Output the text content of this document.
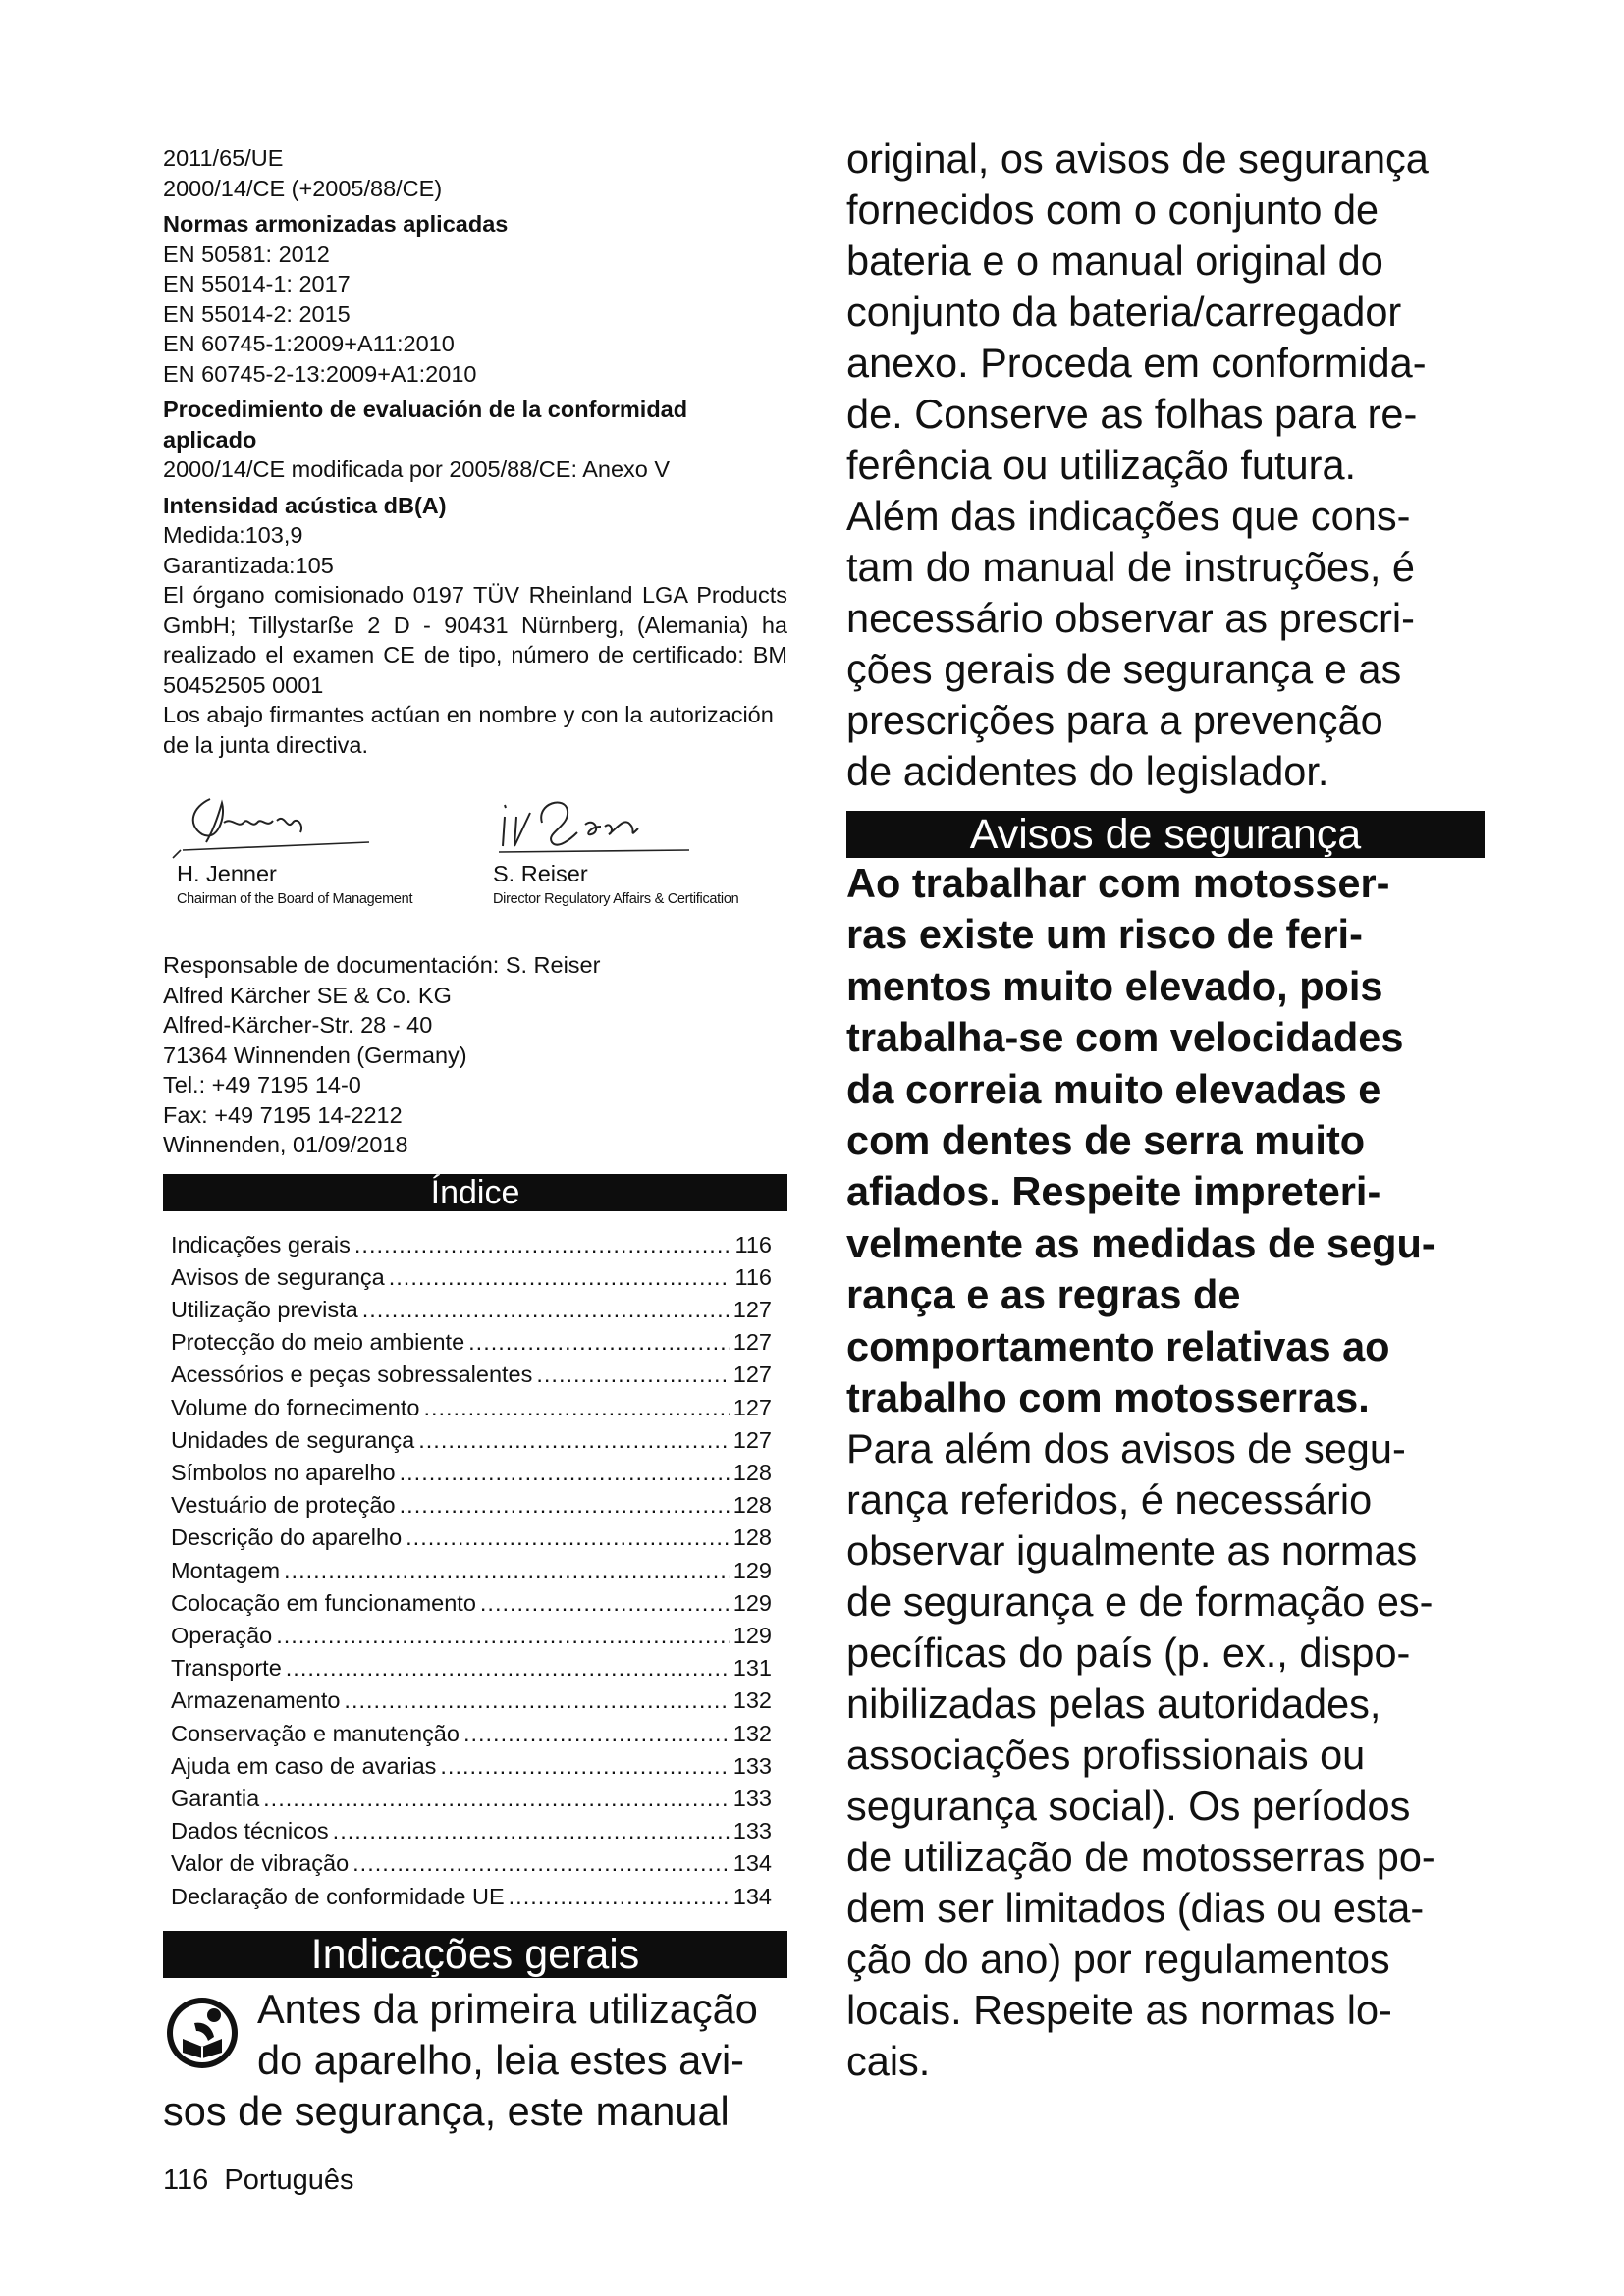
2011/65/UE

2000/14/CE (+2005/88/CE)

Normas armonizadas aplicadas

EN 50581: 2012

EN 55014-1: 2017

EN 55014-2: 2015

EN 60745-1:2009+A11:2010

EN 60745-2-13:2009+A1:2010

Procedimiento de evaluación de la conformidad aplicado

2000/14/CE modificada por 2005/88/CE: Anexo V

Intensidad acústica dB(A)

Medida:103,9

Garantizada:105

El órgano comisionado 0197 TÜV Rheinland LGA Products GmbH; Tillystarße 2 D - 90431 Nürnberg, (Alemania) ha realizado el examen CE de tipo, número de certificado: BM 50452505 0001

Los abajo firmantes actúan en nombre y con la autorización de la junta directiva.

H. Jenner
Chairman of the Board of Management
S. Reiser
Director Regulatory Affairs & Certification

Responsable de documentación: S. Reiser

Alfred Kärcher SE & Co. KG

Alfred-Kärcher-Str. 28 - 40

71364 Winnenden (Germany)

Tel.: +49 7195 14-0

Fax: +49 7195 14-2212

Winnenden, 01/09/2018

Índice
Indicações gerais .....	116
Avisos de segurança .....	116
Utilização prevista .....	127
Protecção do meio ambiente .....	127
Acessórios e peças sobressalentes .....	127
Volume do fornecimento .....	127
Unidades de segurança .....	127
Símbolos no aparelho .....	128
Vestuário de proteção .....	128
Descrição do aparelho .....	128
Montagem .....	129
Colocação em funcionamento .....	129
Operação .....	129
Transporte .....	131
Armazenamento .....	132
Conservação e manutenção .....	132
Ajuda em caso de avarias .....	133
Garantia .....	133
Dados técnicos .....	133
Valor de vibração .....	134
Declaração de conformidade UE .....	134
Indicações gerais

Antes da primeira utilização

do aparelho, leia estes avi-

sos de segurança, este manual

original, os avisos de segurança

fornecidos com o conjunto de

bateria e o manual original do

conjunto da bateria/carregador

anexo. Proceda em conformida-

de. Conserve as folhas para re-

ferência ou utilização futura.

Além das indicações que cons-

tam do manual de instruções, é

necessário observar as prescri-

ções gerais de segurança e as

prescrições para a prevenção

de acidentes do legislador.

Avisos de segurança

Ao trabalhar com motosser-

ras existe um risco de feri-

mentos muito elevado, pois

trabalha-se com velocidades

da correia muito elevadas e

com dentes de serra muito

afiados. Respeite impreteri-

velmente as medidas de segu-

rança e as regras de

comportamento relativas ao

trabalho com motosserras.

Para além dos avisos de segu-

rança referidos, é necessário

observar igualmente as normas

de segurança e de formação es-

pecíficas do país (p. ex., dispo-

nibilizadas pelas autoridades,

associações profissionais ou

segurança social). Os períodos

de utilização de motosserras po-

dem ser limitados (dias ou esta-

ção do ano) por regulamentos

locais. Respeite as normas lo-

cais.

116 Português
